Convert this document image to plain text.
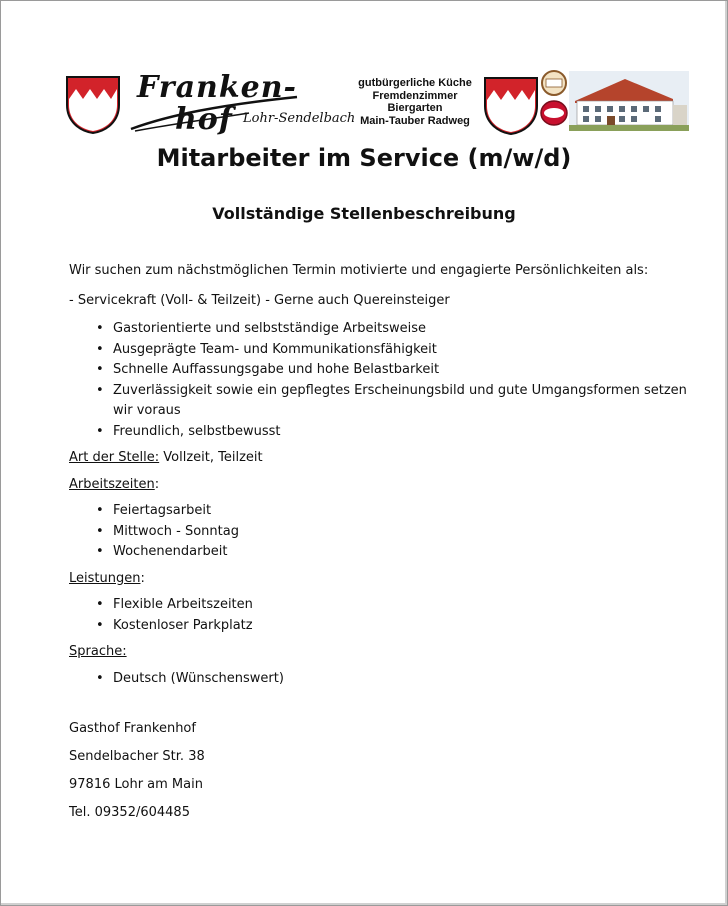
Franken-
hof Lohr-Sendelbach
gutbürgerliche Küche
Fremdenzimmer
Biergarten
Main-Tauber Radweg
Mitarbeiter im Service (m/w/d)
Vollständige Stellenbeschreibung

Wir suchen zum nächstmöglichen Termin motivierte und engagierte Persönlichkeiten als:

- Servicekraft (Voll- & Teilzeit) - Gerne auch Quereinsteiger

• Gastorientierte und selbstständige Arbeitsweise
• Ausgeprägte Team- und Kommunikationsfähigkeit
• Schnelle Auffassungsgabe und hohe Belastbarkeit
• Zuverlässigkeit sowie ein gepflegtes Erscheinungsbild und gute Umgangsformen setzen wir voraus
• Freundlich, selbstbewusst
Art der Stelle: Vollzeit, Teilzeit
Arbeitszeiten:
• Feiertagsarbeit
• Mittwoch - Sonntag
• Wochenendarbeit
Leistungen:
• Flexible Arbeitszeiten
• Kostenloser Parkplatz
Sprache:
• Deutsch (Wünschenswert)
Gasthof Frankenhof
Sendelbacher Str. 38
97816 Lohr am Main
Tel. 09352/604485
